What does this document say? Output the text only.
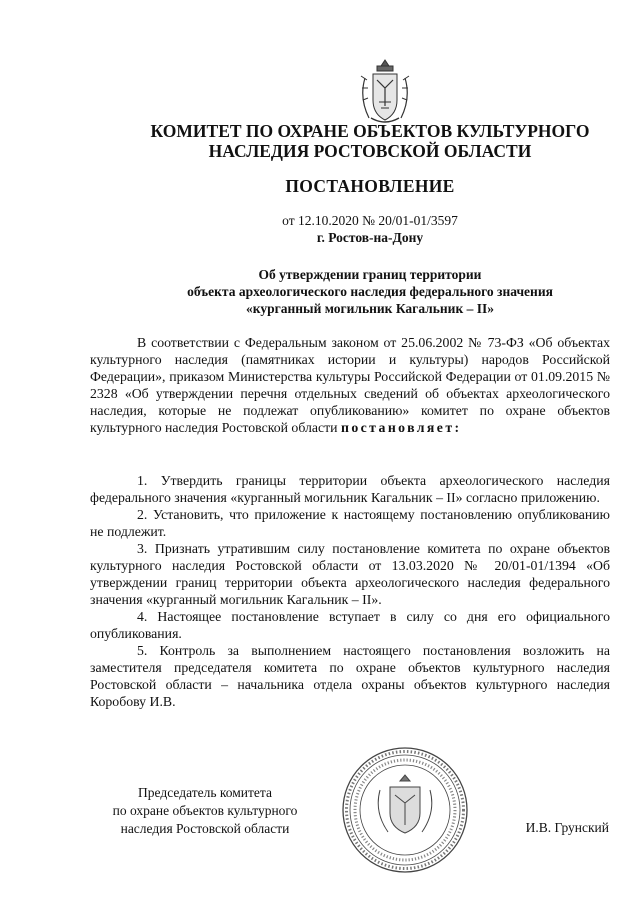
КОМИТЕТ ПО ОХРАНЕ ОБЪЕКТОВ КУЛЬТУРНОГО
НАСЛЕДИЯ РОСТОВСКОЙ ОБЛАСТИ
ПОСТАНОВЛЕНИЕ
от 12.10.2020 № 20/01-01/3597
г. Ростов-на-Дону
Об утверждении границ территории
объекта археологического наследия федерального значения
«курганный могильник Кагальник – II»
В соответствии с Федеральным законом от 25.06.2002 № 73-ФЗ «Об объектах культурного наследия (памятниках истории и культуры) народов Российской Федерации», приказом Министерства культуры Российской Федерации от 01.09.2015 № 2328 «Об утверждении перечня отдельных сведений об объектах археологического наследия, которые не подлежат опубликованию» комитет по охране объектов культурного наследия Ростовской области постановляет:

1. Утвердить границы территории объекта археологического наследия федерального значения «курганный могильник Кагальник – II» согласно приложению.

2. Установить, что приложение к настоящему постановлению опубликованию не подлежит.

3. Признать утратившим силу постановление комитета по охране объектов культурного наследия Ростовской области от 13.03.2020 № 20/01-01/1394 «Об утверждении границ территории объекта археологического наследия федерального значения «курганный могильник Кагальник – II».

4. Настоящее постановление вступает в силу со дня его официального опубликования.

5. Контроль за выполнением настоящего постановления возложить на заместителя председателя комитета по охране объектов культурного наследия Ростовской области – начальника отдела охраны объектов культурного наследия Коробову И.В.

Председатель комитета
по охране объектов культурного
наследия Ростовской области	И.В. Грунский
